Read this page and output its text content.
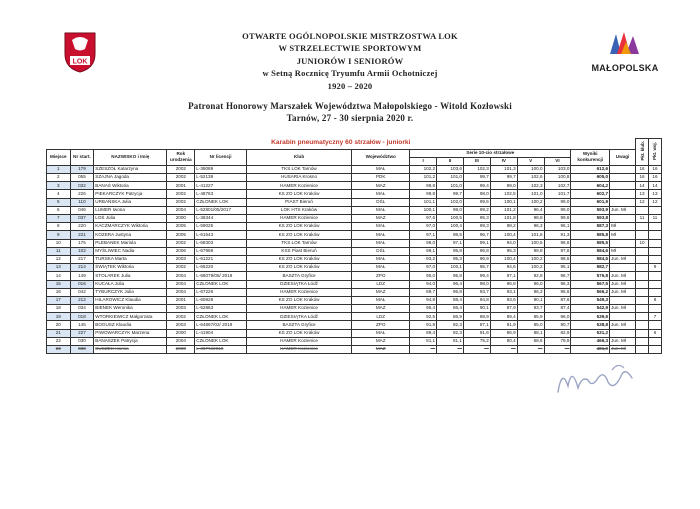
LOK
MAŁOPOLSKA
OTWARTE OGÓLNOPOLSKIE MISTRZOSTWA LOK
W STRZELECTWIE SPORTOWYM
JUNIORÓW I SENIORÓW
w Setną Rocznicę Tryumfu Armii Ochotniczej
1920 – 2020
Patronat Honorowy Marszałek Województwa Małopolskiego - Witold Kozłowski
Tarnów, 27 - 30 sierpnia 2020 r.
Karabin pneumatyczny 60 strzałów - juniorki															Pkt. klub.	Pkt. woj.
Miejsce	Nr start.	NAZWISKO i Imię	Rok urodzenia	Nr licencji	Klub	Województwo	Serie 10-cio strzałowe						Wyniki konkurencji	Uwagi		
							I	II	III	IV	V	VI				
1	179	SZESZOŁ Katarzyna	2002	L-39089	TKS LOK Tarnów	MAŁ	102,2	103,6	102,3	101,3	100,0	103,0	612,6		16	16
2	055	SZAJNA Jagoda	2002	L-52138	HUSARIA Krosno	PDK	101,2	101,0	99,7	99,7	102,6	100,8	605,0		16	16
3	032	BANAŚ Wiktoria	2001	L-41227	HAMER Kozienice	MAZ	99,8	101,0	99,4	99,0	102,3	102,7	604,2		14	14
4	226	PIEKARCZYK Patrycja	2002	L-48763	KS ZO LOK Kraków	MAŁ	99,8	99,7	98,0	102,5	101,0	101,7	602,7		13	13
5	110	URBAŃSKA Julia	2002	CZŁONEK LOK	PIAST Bieruń	DŚL	101,1	102,0	99,5	100,1	100,2	99,0	601,9		12	12
6	046	LUMER Iwona	2004	L-52801/05/2017	LOK HTS Kraków	MAŁ	100,1	98,0	99,2	101,2	96,4	99,0	593,9	Jun. Mł		
7	037	LOŚ Julia	2000	L-36344	HAMER Kozienice	MAZ	97,6	100,5	95,3	101,8	98,8	99,8	593,8		11	11
8	220	KACZMARCZYK Wiktoria	2005	L-59025	KS ZO LOK Kraków	MAŁ	97,0	100,4	99,3	98,2	96,3	96,1	587,3	Mł		
9	221	KOZERA Justyna	2005	L-61543	KS ZO LOK Kraków	MAŁ	97,1	98,5	96,7	100,4	101,8	91,3	585,8	Mł		
10	175	PLEBANEK Mariola	2002	L-68303	TKS LOK Tarnów	MAŁ	98,0	97,1	99,1	94,0	100,5	96,8	585,5		10	
11	102	MYŚLIWIEC Nadia	2006	L-67968	KSS Piast Bieruń	DŚL	99,1	95,8	96,8	95,3	99,8	97,8	584,6	Mł		
12	217	TURSKA Marta	2003	L-61221	KS ZO LOK Kraków	MAŁ	93,2	95,3	96,9	100,4	100,2	98,5	584,5	Jun. Mł		
13	214	ŚWIĄTEK Wiktoria	2002	L-65220	KS ZO LOK Kraków	MAŁ	97,0	100,1	95,7	94,6	100,2	95,1	582,7			9
14	149	STOLAREK Julia	2004	L-66079/05/ 2019	BASZTA Gryfice	ZPO	95,0	95,8	99,4	97,1	92,8	96,7	576,8	Jun. Mł		
15	016	KUCAŁA Julia	2004	CZŁONEK LOK	DZIESIĄTKA Łódź	LDZ	94,0	96,4	98,0	96,8	96,0	96,3	567,5	Jun. Mł		
16	042	TYBURCZYK Julia	2004	L-67226	HAMER Kozienice	MAZ	89,7	95,8	93,7	93,1	96,3	95,6	566,2	Jun. Mł		
17	212	HILAROWICZ Klaudia	2001	L-60828	KS ZO LOK Kraków	MAŁ	94,8	88,4	94,8	93,6	90,1	87,6	549,3			8
18	034	BIENEK Weronika	2003	L-52863	HAMER Kozienice	MAZ	95,4	86,4	90,1	87,9	93,7	87,4	542,9	Jun. Mł		
19	018	WTORKIEWICZ Małgorzata	2002	CZŁONEK LOK	DZIESIĄTKA Łódź	LDZ	92,5	86,9	88,9	89,4	85,9	96,0	539,6			7
20	145	BOGUSZ Klaudia	2003	L-64867/02/ 2019	BASZTA Gryfice	ZPO	91,8	92,3	87,1	91,9	85,0	90,7	538,8	Jun. Mł		
21	227	PIWOWARCZYK Marzena	2000	L-41904	KS ZO LOK Kraków	MAŁ	89,4	92,3	91,6	86,9	88,1	82,9	531,2			6
22	030	BANASZEK Patrycja	2004	CZŁONEK LOK	HAMER Kozienice	MAZ	81,1	81,1	75,2	80,4	68,6	79,9	466,3	Jun. Mł		
23	030	BUCZEK Hanna	2000	L-39PN/2019	HAMER Kozienice	MAZ	—	—	—	—	—	—	481,0	Jun. Mł		
